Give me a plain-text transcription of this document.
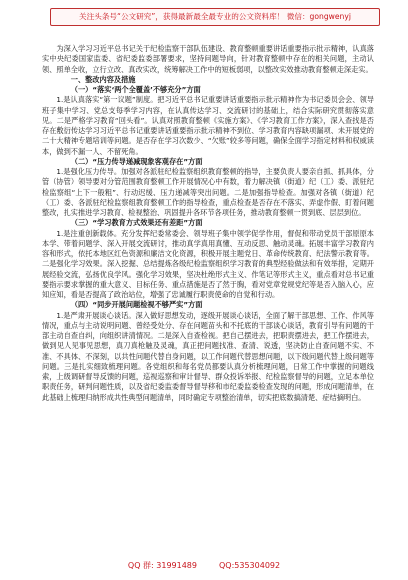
关注头条号“公文研究”，获得最新最全最专业的公文资料库！ 微信：gongwenyj

为深入学习习近平总书记关于纪检监察干部队伍建设、教育整顿重要讲话重要指示批示精神，认真落实中央纪委国家监委、省纪委监委部署要求，坚持问题导向，针对教育整顿中存在的相关问题，主动认领、照单全收，立行立改、真改实改，统筹解决工作中的短板弱项，以整改实效推动教育整顿走深走实。

一、整改内容及措施

（一）“落实‘两个全覆盖’不够充分”方面

1.是认真落实“第一议题”制度。把习近平总书记重要讲话重要指示批示精神作为书记委员会会、领导班子集中学习、党总支每季学习内容，在认真传达学习、交流研讨的基础上，结合实际研究贯彻落实意见。二是严格学习教育“回头看”。认真对照教育整顿《实施方案》、《学习教育工作方案》，深入查找是否存在敷衍传达学习习近平总书记重要讲话重要指示批示精神不到位、学习教育内容缺项漏项、未开展党的二十大精神专题培训等问题。是否存在学习次数少、“欠账”较多等问题，确保全面学习指定材料和权威读本，做到不漏一人、不留死角。

（二）“压力传导递减现象客观存在”方面

1.是强化压力传导。加强对各派驻纪检监察组织教育整顿的指导，主要负责人要亲自抓、抓具体，分管（协管）领导要对分管范围教育整顿工作开展情况心中有数，着力解决镇（街道）纪（工）委、派驻纪检监察组“上下一般粗”、行动迟缓、压力递减等突出问题。二是加强指导检查。加强对各镇（街道）纪（工）委、各派驻纪检监察组教育整顿工作的指导检查，重点检查是否存在不落实、弄虚作假、盯着问题整改，扎实推进学习教育、检视整治、巩固提升各环节各项任务，推动教育整顿一贯到底、层层到位。

（三）“学习教育方式效果还有差距”方面

1.是注重创新载体。充分发挥纪委常委会、领导班子集中领学促学作用，督促和带动党员干部原原本本学、带着问题学、深入开展交流研讨，推动真学真用真懂、互动反思、触动灵魂。拓展丰富学习教育内容和形式，依托本地区红色资源和廉洁文化资源，积极开展主题党日、革命传统教育、纪法警示教育等。二是强化学习效果。深入挖掘、总结提炼各级纪检监察组织学习教育的典型经验做法和有效举措，定期开展经验交流，弘扬优良学风。强化学习效果，坚决杜绝形式主义、作笔记等形式主义，重点看对总书记重要指示要求掌握的重大意义、目标任务、重点措施是否了然于胸，看对党章党规党纪等是否入脑入心，应知应知，看是否提高了政治站位，增强了忠诚履行职责使命的自觉和行动。

（四）“同步开展问题检视不够严实”方面

1.是严肃开展谈心谈话。深入做好思想发动，逐级开展谈心谈话，全面了解干部思想、工作、作风等情况，重点与主动说明问题、曾经受处分、存在问题苗头和不托底的干部谈心谈话，教育引导有问题的干部主动自查自纠，向组织讲清情况。二是深入自查检视。把自己摆进去，把职责摆进去，把工作摆进去，做到见人见事见思想，真刀真枪触及灵魂，真正把问题找准、查清、说透，坚决防止自查问题不实、不准、不具体、不深刻，以共性问题代替自身问题，以工作问题代替思想问题，以下级问题代替上级问题等问题。三是扎实细致梳理问题。各党组织和每名党员都要认真分析梳理问题，日常工作中掌握的问题线索，上级调研督导反馈的问题，巡视巡察和审计督导、群众投诉举报、纪检监察督导的问题，立足本单位职责任务，研判问题性质，以及省纪委监委督导督导移和市纪委监委检查发现的问题，形成问题清单，在此基础上梳理归纳形成共性典型问题清单，同时确定专项整治清单，切实把底数搞清楚、症结摘明白。

QQ 群: 31991489	QQ:535304092
